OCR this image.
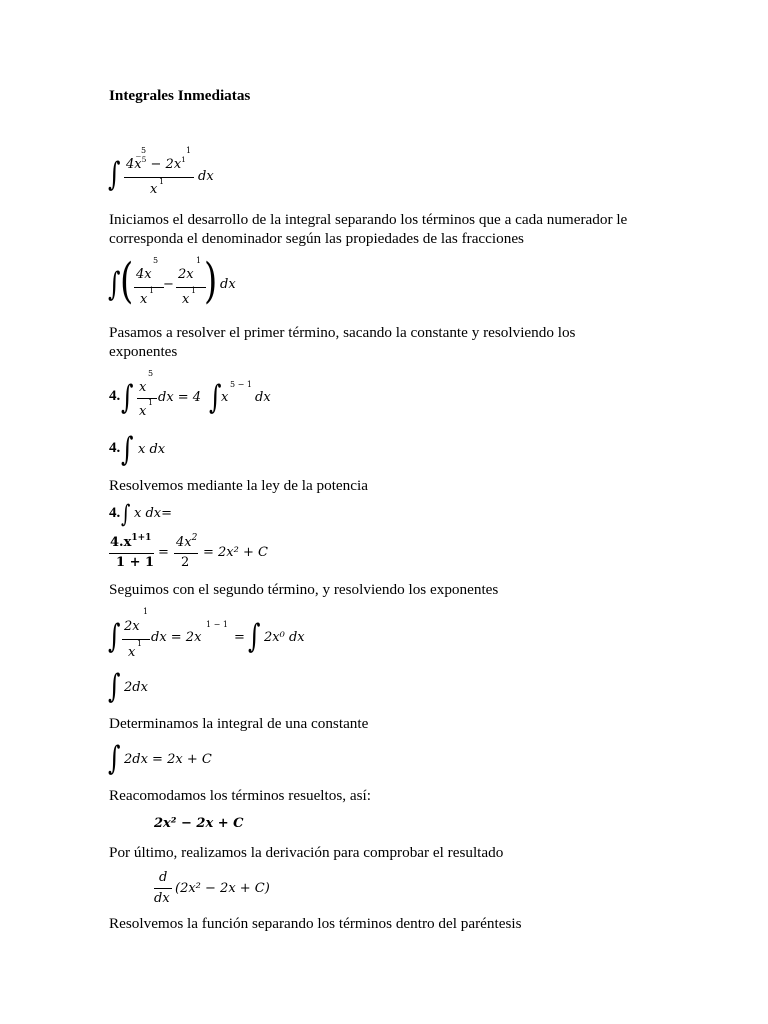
Integrales Inmediatas
∫ $4x^5 - 2x^1$
5	1
x
1	dx
Iniciamos el desarrollo de la integral separando los términos que a cada numerador le
corresponda el denominador según las propiedades de las fracciones
∫ ( 4x
5
x
1 −
2x
1
x
1 ) dx
Pasamos a resolver el primer término, sacando la constante y resolviendo los
exponentes
4. ∫ x
5
x
1 dx = 4 ∫ x
5 − 1
dx
4. ∫ x dx
Resolvemos mediante la ley de la potencia
4. ∫ x dx=
$4.x^{1+1}$
1 + 1
=
$4x^2$
2
= 2x² + C
Seguimos con el segundo término, y resolviendo los exponentes
∫ 2x
1
x
1 dx = 2x
1 − 1
= ∫ 2x⁰ dx
∫ 2dx
Determinamos la integral de una constante
∫ 2dx = 2x + C
Reacomodamos los términos resueltos, así:
2x² − 2x + C
Por último, realizamos la derivación para comprobar el resultado
d
dx
(2x² − 2x + C)
Resolvemos la función separando los términos dentro del paréntesis
